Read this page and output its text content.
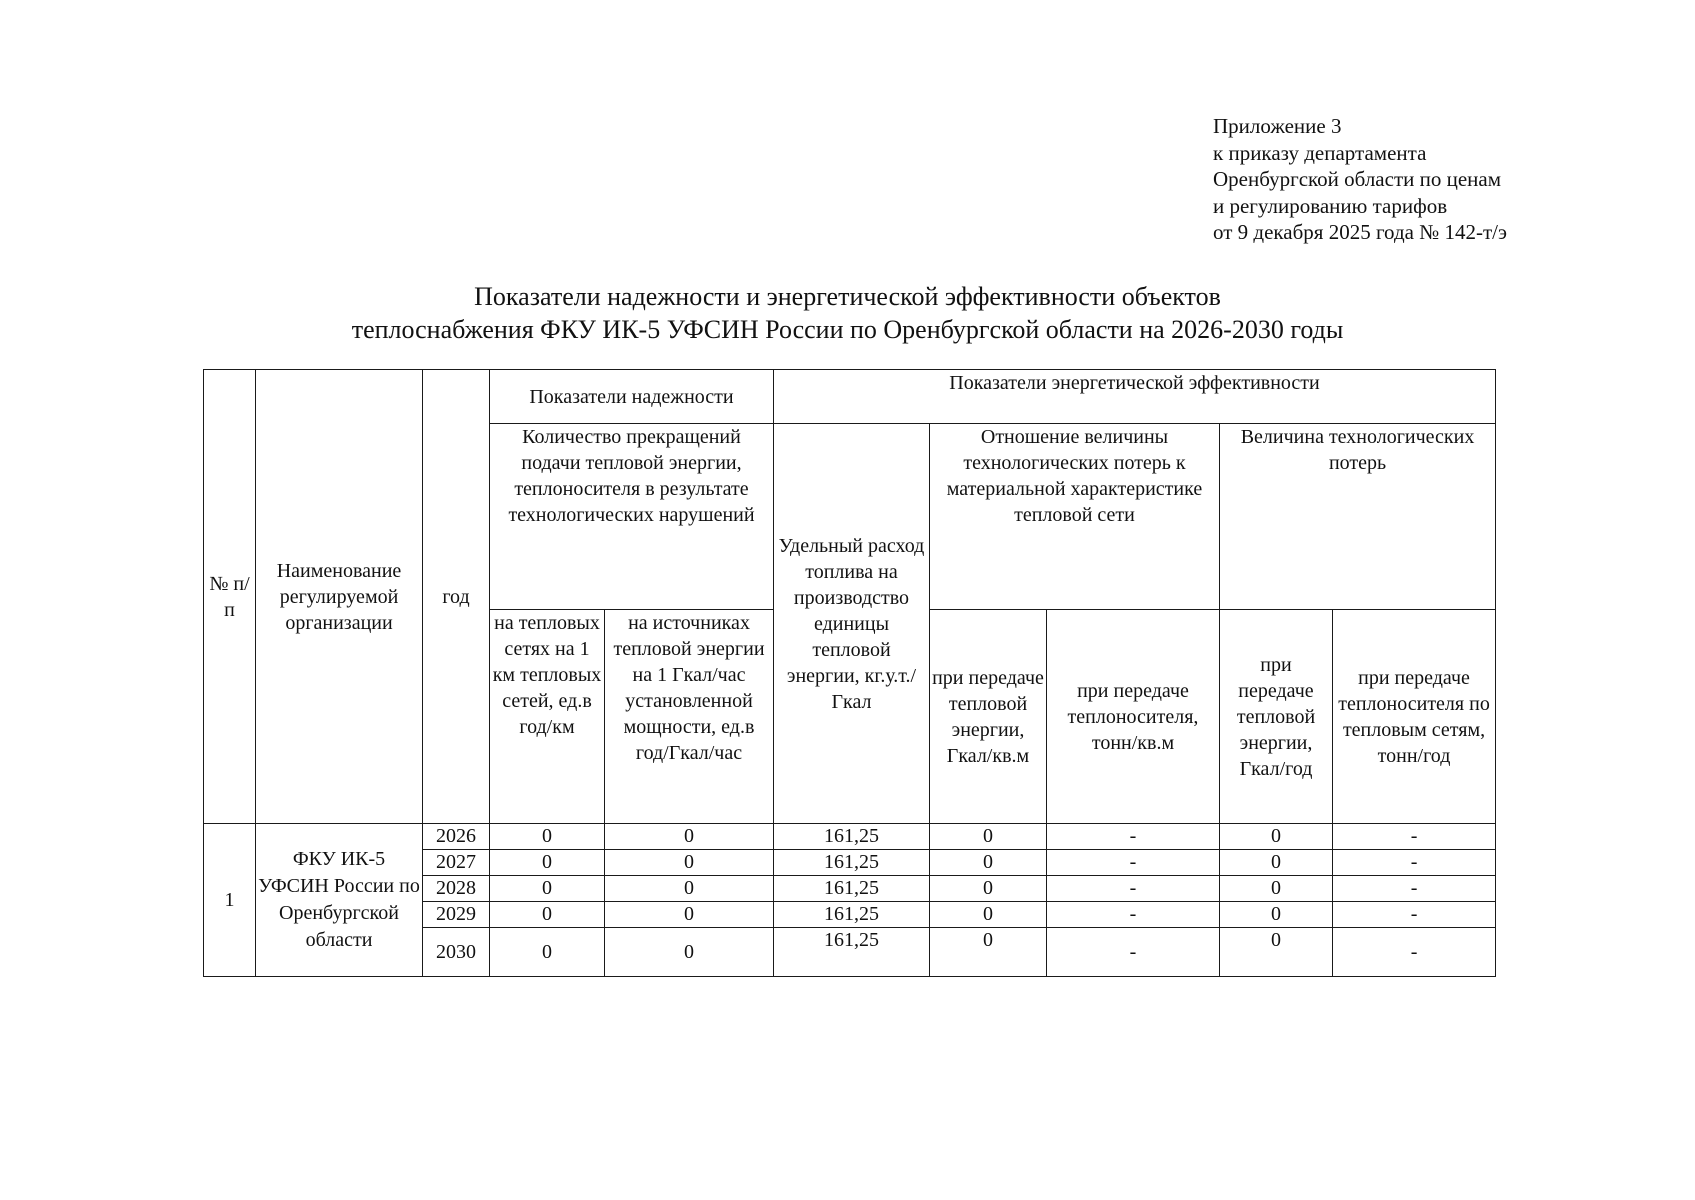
Приложение 3
к приказу департамента
Оренбургской области по ценам
и регулированию тарифов
от 9 декабря 2025 года № 142-т/э
Показатели надежности и энергетической эффективности объектов
теплоснабжения ФКУ ИК-5 УФСИН России по Оренбургской области на 2026-2030 годы
№ п/п	Наименование регулируемой организации	год	Показатели надежности		Показатели энергетической эффективности				
			Количество прекращений подачи тепловой энергии, теплоносителя в результате технологических нарушений		Удельный расход топлива на производство единицы тепловой энергии, кг.у.т./Гкал	Отношение величины технологических потерь к материальной характеристике тепловой сети		Величина технологических потерь	
			на тепловых сетях на 1 км тепловых сетей, ед.в год/км	на источниках тепловой энергии на 1 Гкал/час установленной мощности, ед.в год/Гкал/час		при передаче тепловой энергии, Гкал/кв.м	при передаче теплоносителя, тонн/кв.м	при передаче тепловой энергии, Гкал/год	при передаче теплоносителя по тепловым сетям, тонн/год
1	ФКУ ИК-5 УФСИН России по Оренбургской области	2026	0	0	161,25	0	-	0	-
		2027	0	0	161,25	0	-	0	-
		2028	0	0	161,25	0	-	0	-
		2029	0	0	161,25	0	-	0	-
		2030	0	0	161,25	0	-	0	-
